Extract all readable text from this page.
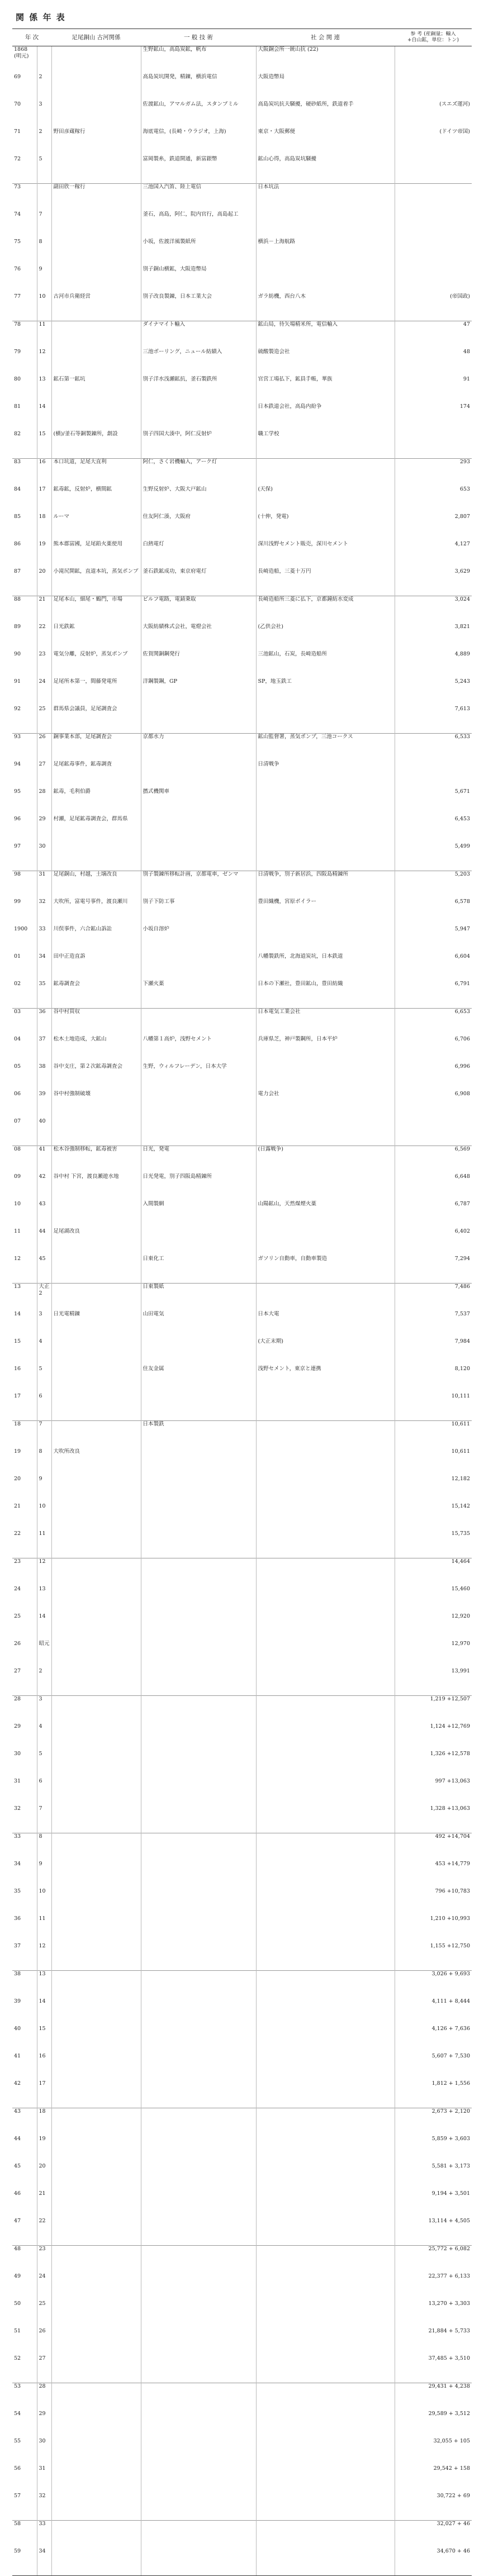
関 係 年 表
年 次		足尾銅山 古河関係	一 般 技 術	社 会 関 連	参 考 (産銅量；輸入
+自山鉱，単位：トン)

1868 (明元)			生野鉱山，高島炭鉱，帆布	大阪銅会所一統山抗 (22)	

69	2		高島炭坑開発，精錬，横浜電信	大阪造幣局	

70	3		佐渡鉱山，アマルガム法，スタンプミル	高島炭坑抗夫騒擾，硬砂紙所，鉄道着手	(スエズ運河)

71	2	野田彦蔵稼行	海底電信，(長崎・ウラジオ，上海)	東京・大阪郵便	(ドイツ帝国)

72	5		富岡製糸，鉄道開通，新富銀幣	鉱山心得，高島炭坑騒擾	

73		副田欣一稼行	三池国入汽笛、陸上電信	日本坑法	

74	7		釜石，高島，阿仁，院内官行，高島起工		

75	8		小坂，佐渡洋風製紙所	横浜－上海航路	

76	9		別子銅山横鉱，大阪造幣局		

77	10	古河市兵衛経営	別子改良製錬，日本工業大会	ガラ紡機，西台八木	(帝国政)

78	11		ダイナマイト輸入	鉱山局，待矢場精米所，電信輸入	47

79	12		三池ボーリング，ニュール紡績入	硫酸製造会社	48

80	13	鉱石第一鉱坑	別子洋水浅瀬鉱抗，釜石製鉄所	官営工場払下，鉱員手帳，華族	91

81	14			日本鉄道会社，高島内紛争	174

82	15	(横)/釜石等銅製錬所，創設	別子四国大湊中，阿仁反射炉	職工学校	

83	16	本口坑道，足尾大直利	阿仁，さく岩機輸入，アーク灯		293

84	17	鉱毒鉱，反射炉，横間鉱	生野反射炉、大阪大戸鉱山	(天保)	653

85	18	ルーマ	住友阿仁湊，大阪府	(十伸，発電)	2,807

86	19	熊本郡富國，足尾鉛火薬使用	白熱電灯	深川浅野セメント販売，深川セメント	4,127

87	20	小滝尻開鉱，直道本坑，蒸気ポンプ	釜石鉄鉱成功，東京府電灯	長崎造船，三菱十万円	3,629

88	21	足尾本山，細尾・鶴門，市場	ビルフ電路，電錆乗取	長崎造船所三菱に払下，京都鐘紡水変成	3,024

89	22	日光鉄鉱	大阪紡績株式会社，電燈会社	(乙供会社)	3,821

90	23	電気分離，反射炉，蒸気ポンプ	佐賀関銅鋼発行	三池鉱山，石炭，長崎造船所	4,889

91	24	足尾所本第一，間藤発電所	洋鋼製鋼，GP	SP，地玉鉄工	5,243

92	25	群馬県会議員，足尾調査会			7,613

93	26	銅事業本部，足尾調査会	京都水力	鉱山監督署，蒸気ポンプ，三池コークス	6,533

94	27	足尾鉱毒事件，鉱毒調査		日清戦争	

95	28	鉱毒，毛利伯爵	撚式機関車		5,671

96	29	村瀬，足尾鉱毒調査会，群馬県			6,453

97	30				5,499

98	31	足尾銅山，村越，土壌改良	別子製錬所移転計画，京都電車，ゼンマ	日清戦争，別子新居浜，四阪島精錬所	5,203

99	32	大吹所，富電号事件，渡良瀬川	別子下防工事	豊田織機，宮原ボイラー	6,578

1900	33	川俣事件，六合鉱山訴訟	小坂自溶炉		5,947

01	34	田中正造直訴		八幡製鉄所，北海道炭坑，日本鉄道	6,604

02	35	鉱毒調査会	下瀬火薬	日本の下瀬社，豊田鉱山，豊田紡織	6,791

03	36	谷中村買収		日本電気工業会社	6,653

04	37	松木土地造成，大鉱山	八幡第１高炉，浅野セメント	兵庫県芝，神戸製鋼所，日本平炉	6,706

05	38	谷中支庄，第２次鉱毒調査会	生野，ウィルフレーデン，日本大学		6,996

06	39	谷中村強制破壊		電力会社	6,908

07	40				

08	41	松木谷強制移転，鉱毒被害	日光，発電	(日露戦争)	6,569

09	42	谷中村 下宮，渡良瀬遊水地	日光発電，別子四阪島精錬所		6,648

10	43		入間製網	山陽鉱山，天然煤煙火薬	6,787

11	44	足尾湖改良			6,402

12	45		日東化工	ガソリン自動車，自動車製造	7,294

13	大正2		日東製紙		7,486

14	3	日光電精錬	山田電気	日本大電	7,537

15	4			(大正末期)	7,984

16	5		住友金属	浅野セメント，東京と連携	8,120

17	6				10,111

18	7		日本製鉄		10,611

19	8	大吹所改良			10,611

20	9				12,182

21	10				15,142

22	11				15,735

23	12				14,464

24	13				15,460

25	14				12,920

26	昭元				12,970

27	2				13,991

28	3				1,219 +12,507

29	4				1,124 +12,769

30	5				1,326 +12,578

31	6				997 +13,063

32	7				1,328 +13,063

33	8				492 +14,704

34	9				453 +14,779

35	10				796 +10,783

36	11				1,210 +10,993

37	12				1,155 +12,750

38	13				3,026 + 9,693

39	14				4,111 + 8,444

40	15				4,126 + 7,636

41	16				5,607 + 7,530

42	17				1,812 + 1,556

43	18				2,673 + 2,120

44	19				5,859 + 3,603

45	20				5,581 + 3,173

46	21				9,194 + 3,501

47	22				13,114 + 4,505

48	23				25,772 + 6,082

49	24				22,377 + 6,133

50	25				13,270 + 3,303

51	26				21,884 + 5,733

52	27				37,485 + 3,510

53	28				29,431 + 4,238

54	29				29,589 + 3,512

55	30				32,055 + 105

56	31				29,542 + 158

57	32				30,722 + 69

58	33				32,027 + 46

59	34				34,670 + 46
